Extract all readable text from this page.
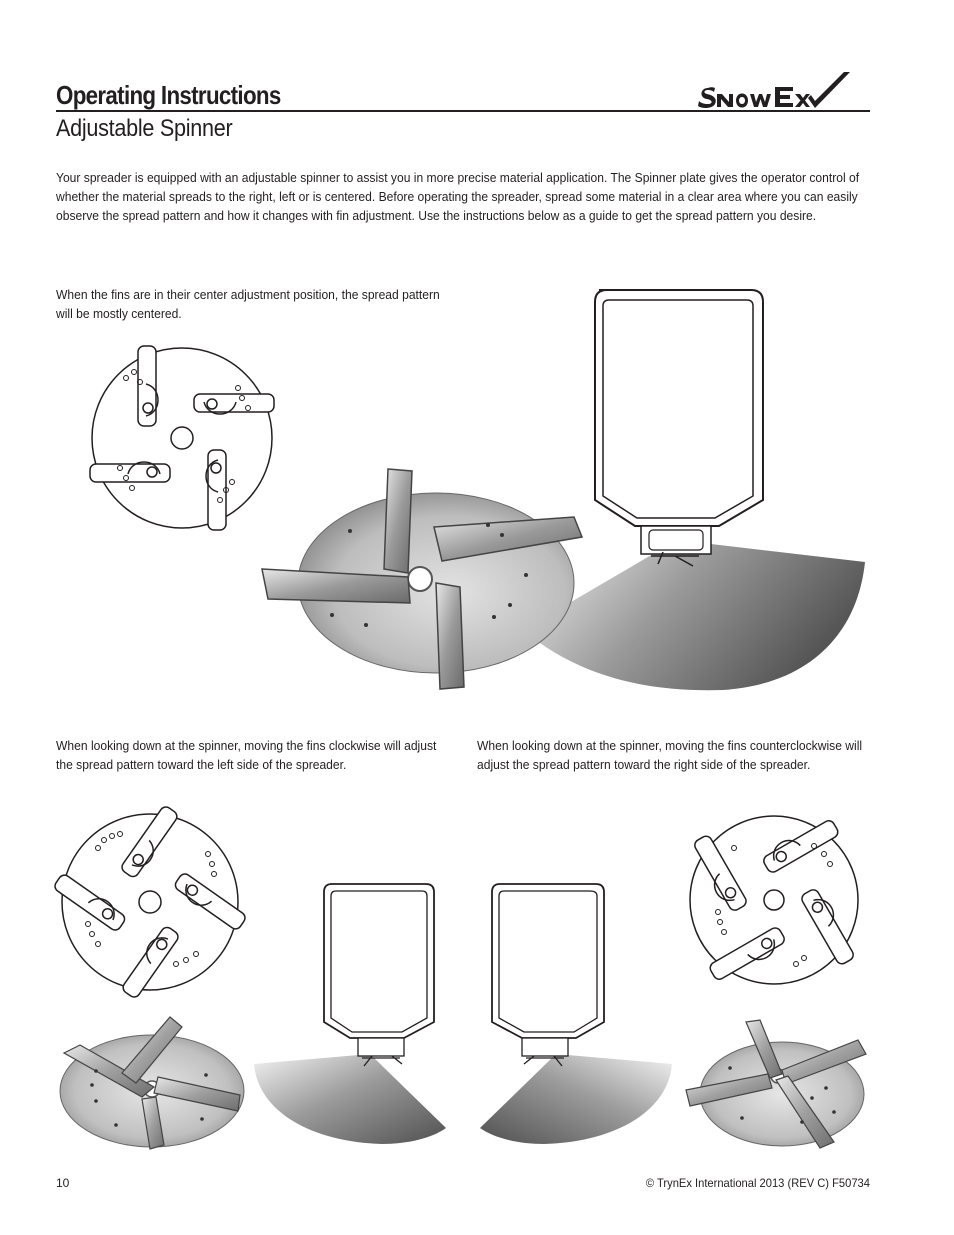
Operating Instructions
Adjustable Spinner
Your spreader is equipped with an adjustable spinner to assist you in more precise material application. The Spinner plate gives the operator control of whether the material spreads to the right, left or is centered. Before operating the spreader, spread some material in a clear area where you can easily observe the spread pattern and how it changes with fin adjustment. Use the instructions below as a guide to get the spread pattern you desire.
When the fins are in their center adjustment position, the spread pattern will be mostly centered.
When looking down at the spinner, moving the fins clockwise will adjust the spread pattern toward the left side of the spreader.
When looking down at the spinner, moving the fins counterclockwise will adjust the spread pattern toward the right side of the spreader.
10	© TrynEx International 2013 (REV C) F50734
